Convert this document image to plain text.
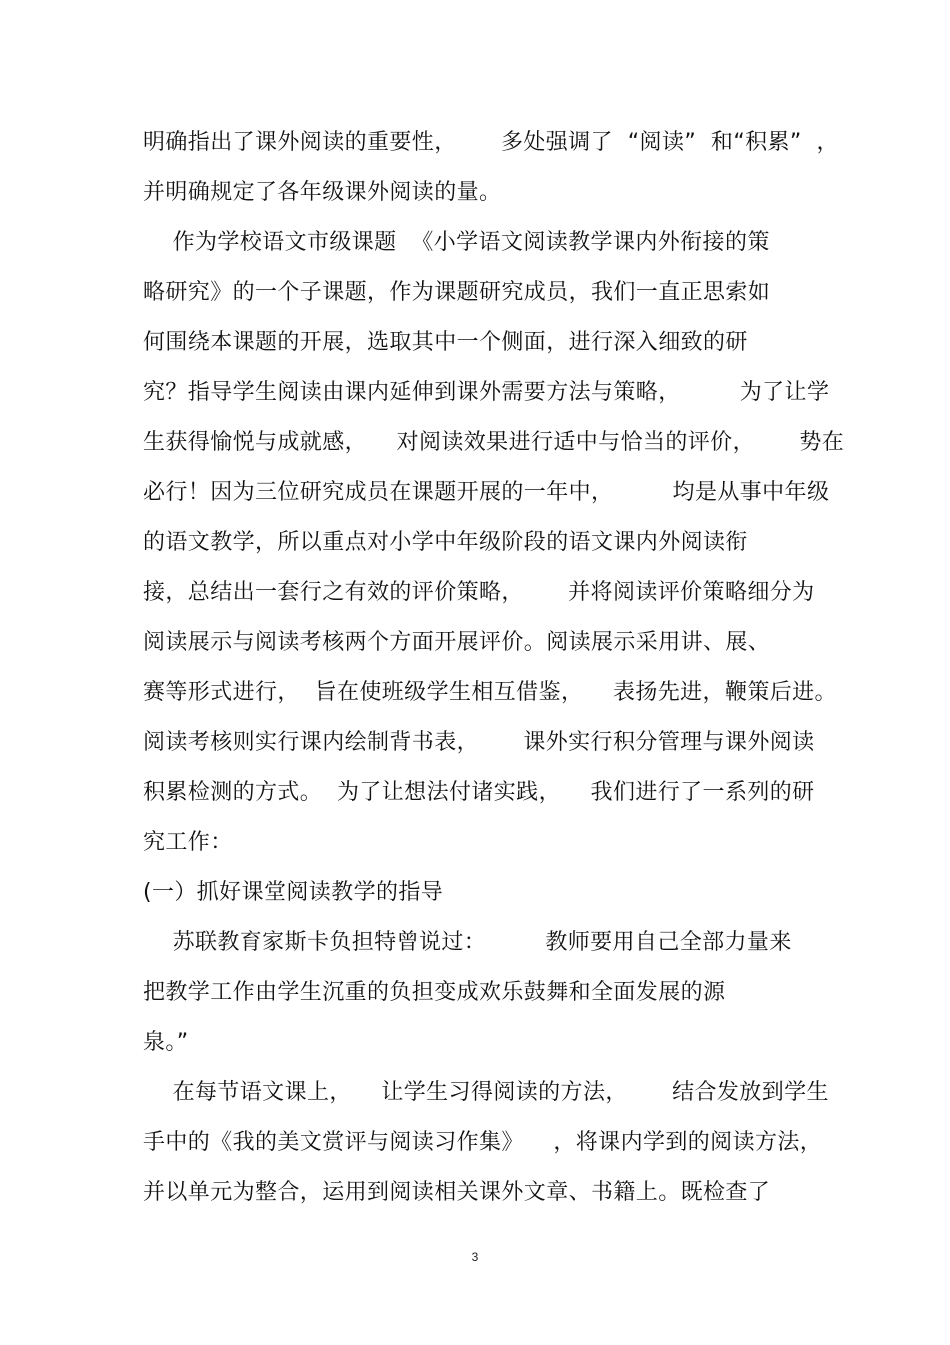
明确指出了课外阅读的重要性，      多处强调了  “阅读”  和“积累”  ，
并明确规定了各年级课外阅读的量。
作为学校语文市级课题  《小学语文阅读教学课内外衔接的策
略研究》的一个子课题，作为课题研究成员，我们一直正思索如
何围绕本课题的开展，选取其中一个侧面，进行深入细致的研
究？指导学生阅读由课内延伸到课外需要方法与策略，        为了让学
生获得愉悦与成就感，    对阅读效果进行适中与恰当的评价，      势在
必行！因为三位研究成员在课题开展的一年中，        均是从事中年级
的语文教学，所以重点对小学中年级阶段的语文课内外阅读衔
接，总结出一套行之有效的评价策略，      并将阅读评价策略细分为
阅读展示与阅读考核两个方面开展评价。阅读展示采用讲、展、
赛等形式进行，  旨在使班级学生相互借鉴，    表扬先进，鞭策后进。
阅读考核则实行课内绘制背书表，      课外实行积分管理与课外阅读
积累检测的方式。  为了让想法付诸实践，    我们进行了一系列的研
究工作：
(一）抓好课堂阅读教学的指导
苏联教育家斯卡负担特曾说过：        教师要用自己全部力量来
把教学工作由学生沉重的负担变成欢乐鼓舞和全面发展的源
泉。”
在每节语文课上，    让学生习得阅读的方法，      结合发放到学生
手中的《我的美文赏评与阅读习作集》    ，将课内学到的阅读方法，
并以单元为整合，运用到阅读相关课外文章、书籍上。既检查了
3
